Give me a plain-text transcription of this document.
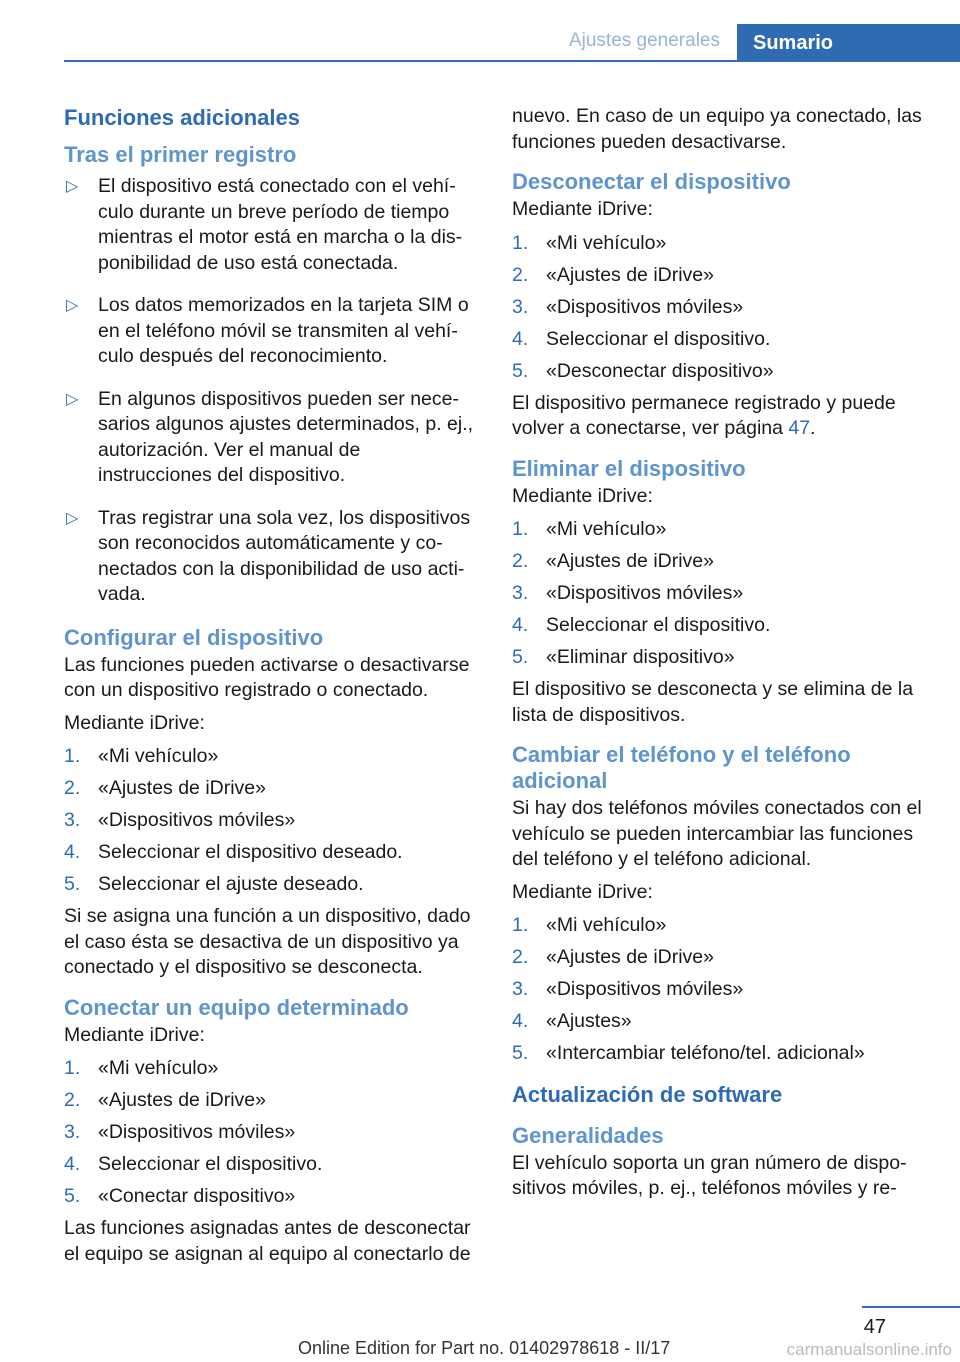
Ajustes generales	Sumario
Funciones adicionales
Tras el primer registro
▷ El dispositivo está conectado con el vehículo durante un breve período de tiempo mientras el motor está en marcha o la disponibilidad de uso está conectada.
▷ Los datos memorizados en la tarjeta SIM o en el teléfono móvil se transmiten al vehículo después del reconocimiento.
▷ En algunos dispositivos pueden ser necesarios algunos ajustes determinados, p. ej., autorización. Ver el manual de instrucciones del dispositivo.
▷ Tras registrar una sola vez, los dispositivos son reconocidos automáticamente y conectados con la disponibilidad de uso activada.
Configurar el dispositivo

Las funciones pueden activarse o desactivarse con un dispositivo registrado o conectado.

Mediante iDrive:

1. «Mi vehículo»
2. «Ajustes de iDrive»
3. «Dispositivos móviles»
4. Seleccionar el dispositivo deseado.
5. Seleccionar el ajuste deseado.

Si se asigna una función a un dispositivo, dado el caso ésta se desactiva de un dispositivo ya conectado y el dispositivo se desconecta.

Conectar un equipo determinado

Mediante iDrive:

1. «Mi vehículo»
2. «Ajustes de iDrive»
3. «Dispositivos móviles»
4. Seleccionar el dispositivo.
5. «Conectar dispositivo»

Las funciones asignadas antes de desconectar el equipo se asignan al equipo al conectarlo de

nuevo. En caso de un equipo ya conectado, las funciones pueden desactivarse.

Desconectar el dispositivo

Mediante iDrive:

1. «Mi vehículo»
2. «Ajustes de iDrive»
3. «Dispositivos móviles»
4. Seleccionar el dispositivo.
5. «Desconectar dispositivo»

El dispositivo permanece registrado y puede volver a conectarse, ver página 47.

Eliminar el dispositivo

Mediante iDrive:

1. «Mi vehículo»
2. «Ajustes de iDrive»
3. «Dispositivos móviles»
4. Seleccionar el dispositivo.
5. «Eliminar dispositivo»

El dispositivo se desconecta y se elimina de la lista de dispositivos.

Cambiar el teléfono y el teléfono adicional

Si hay dos teléfonos móviles conectados con el vehículo se pueden intercambiar las funciones del teléfono y el teléfono adicional.

Mediante iDrive:

1. «Mi vehículo»
2. «Ajustes de iDrive»
3. «Dispositivos móviles»
4. «Ajustes»
5. «Intercambiar teléfono/tel. adicional»
Actualización de software
Generalidades

El vehículo soporta un gran número de dispositivos móviles, p. ej., teléfonos móviles y re-

47
Online Edition for Part no. 01402978618 - II/17	carmanualsonline.info
